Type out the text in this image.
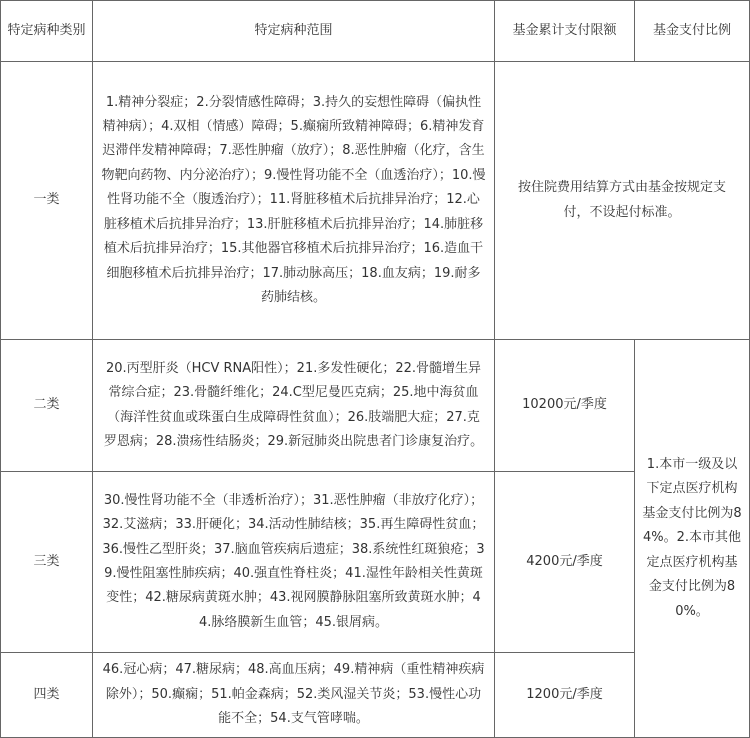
特定病种类别	特定病种范围	基金累计支付限额	基金支付比例
一类	1.精神分裂症；2.分裂情感性障碍；3.持久的妄想性障碍（偏执性精神病）；4.双相（情感）障碍；5.癫痫所致精神障碍；6.精神发育迟滞伴发精神障碍；7.恶性肿瘤（放疗）；8.恶性肿瘤（化疗，含生物靶向药物、内分泌治疗）；9.慢性肾功能不全（血透治疗）；10.慢性肾功能不全（腹透治疗）；11.肾脏移植术后抗排异治疗；12.心脏移植术后抗排异治疗；13.肝脏移植术后抗排异治疗；14.肺脏移植术后抗排异治疗；15.其他器官移植术后抗排异治疗；16.造血干细胞移植术后抗排异治疗；17.肺动脉高压；18.血友病；19.耐多药肺结核。	按住院费用结算方式由基金按规定支付，不设起付标准。	
二类	20.丙型肝炎（HCV RNA阳性）；21.多发性硬化；22.骨髓增生异常综合症；23.骨髓纤维化；24.C型尼曼匹克病；25.地中海贫血（海洋性贫血或珠蛋白生成障碍性贫血）；26.肢端肥大症；27.克罗恩病；28.溃疡性结肠炎；29.新冠肺炎出院患者门诊康复治疗。	10200元/季度	1.本市一级及以下定点医疗机构基金支付比例为84%。2.本市其他定点医疗机构基金支付比例为80%。
三类	30.慢性肾功能不全（非透析治疗）；31.恶性肿瘤（非放疗化疗）；32.艾滋病；33.肝硬化；34.活动性肺结核；35.再生障碍性贫血；36.慢性乙型肝炎；37.脑血管疾病后遗症；38.系统性红斑狼疮；39.慢性阻塞性肺疾病；40.强直性脊柱炎；41.湿性年龄相关性黄斑变性；42.糖尿病黄斑水肿；43.视网膜静脉阻塞所致黄斑水肿；44.脉络膜新生血管；45.银屑病。	4200元/季度	
四类	46.冠心病；47.糖尿病；48.高血压病；49.精神病（重性精神疾病除外）；50.癫痫；51.帕金森病；52.类风湿关节炎；53.慢性心功能不全；54.支气管哮喘。	1200元/季度	
